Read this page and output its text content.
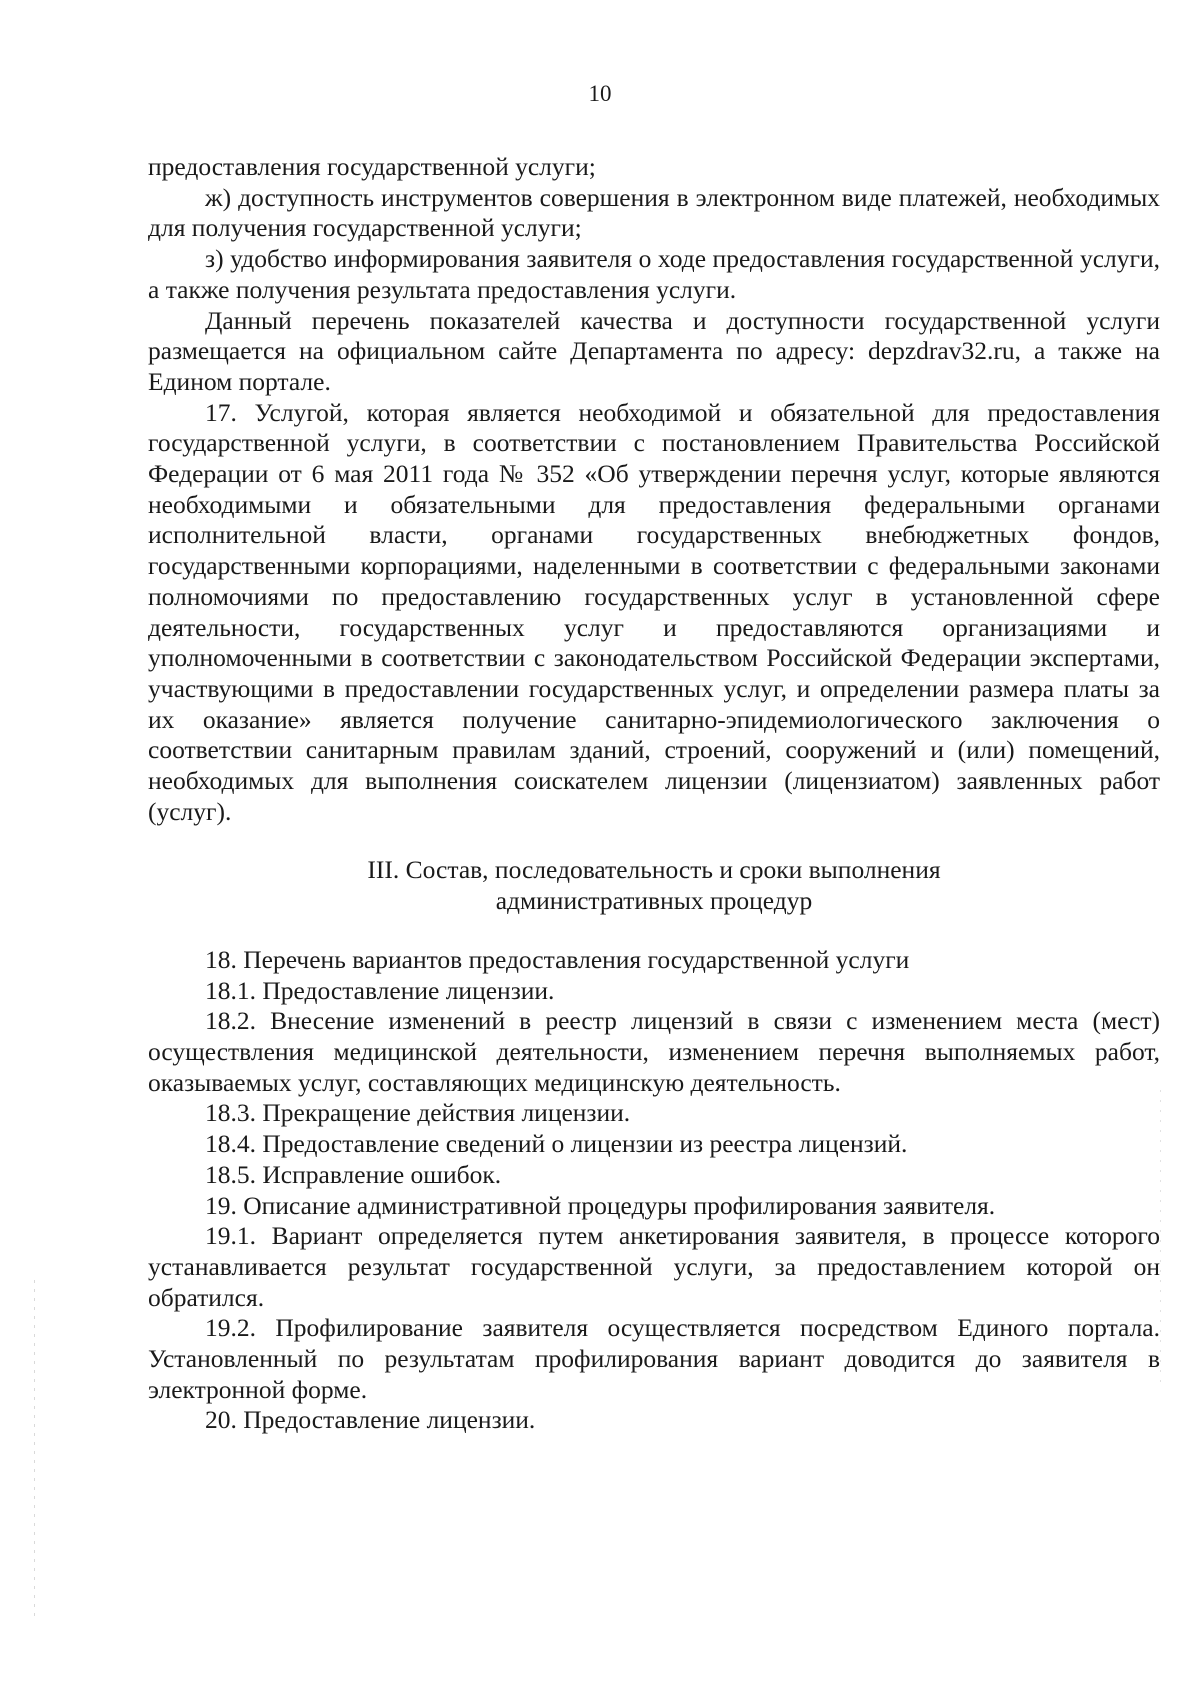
10

предоставления государственной услуги;

ж) доступность инструментов совершения в электронном виде платежей, необходимых для получения государственной услуги;

з) удобство информирования заявителя о ходе предоставления государственной услуги, а также получения результата предоставления услуги.

Данный перечень показателей качества и доступности государственной услуги размещается на официальном сайте Департамента по адресу: depzdrav32.ru, а также на Едином портале.

17. Услугой, которая является необходимой и обязательной для предоставления государственной услуги, в соответствии с постановлением Правительства Российской Федерации от 6 мая 2011 года № 352 «Об утверждении перечня услуг, которые являются необходимыми и обязательными для предоставления федеральными органами исполнительной власти, органами государственных внебюджетных фондов, государственными корпорациями, наделенными в соответствии с федеральными законами полномочиями по предоставлению государственных услуг в установленной сфере деятельности, государственных услуг и предоставляются организациями и уполномоченными в соответствии с законодательством Российской Федерации экспертами, участвующими в предоставлении государственных услуг, и определении размера платы за их оказание» является получение санитарно-эпидемиологического заключения о соответствии санитарным правилам зданий, строений, сооружений и (или) помещений, необходимых для выполнения соискателем лицензии (лицензиатом) заявленных работ (услуг).

III. Состав, последовательность и сроки выполнения
административных процедур

18. Перечень вариантов предоставления государственной услуги

18.1. Предоставление лицензии.

18.2. Внесение изменений в реестр лицензий в связи с изменением места (мест) осуществления медицинской деятельности, изменением перечня выполняемых работ, оказываемых услуг, составляющих медицинскую деятельность.

18.3. Прекращение действия лицензии.

18.4. Предоставление сведений о лицензии из реестра лицензий.

18.5. Исправление ошибок.

19. Описание административной процедуры профилирования заявителя.

19.1. Вариант определяется путем анкетирования заявителя, в процессе которого устанавливается результат государственной услуги, за предоставлением которой он обратился.

19.2. Профилирование заявителя осуществляется посредством Единого портала. Установленный по результатам профилирования вариант доводится до заявителя в электронной форме.

20. Предоставление лицензии.
